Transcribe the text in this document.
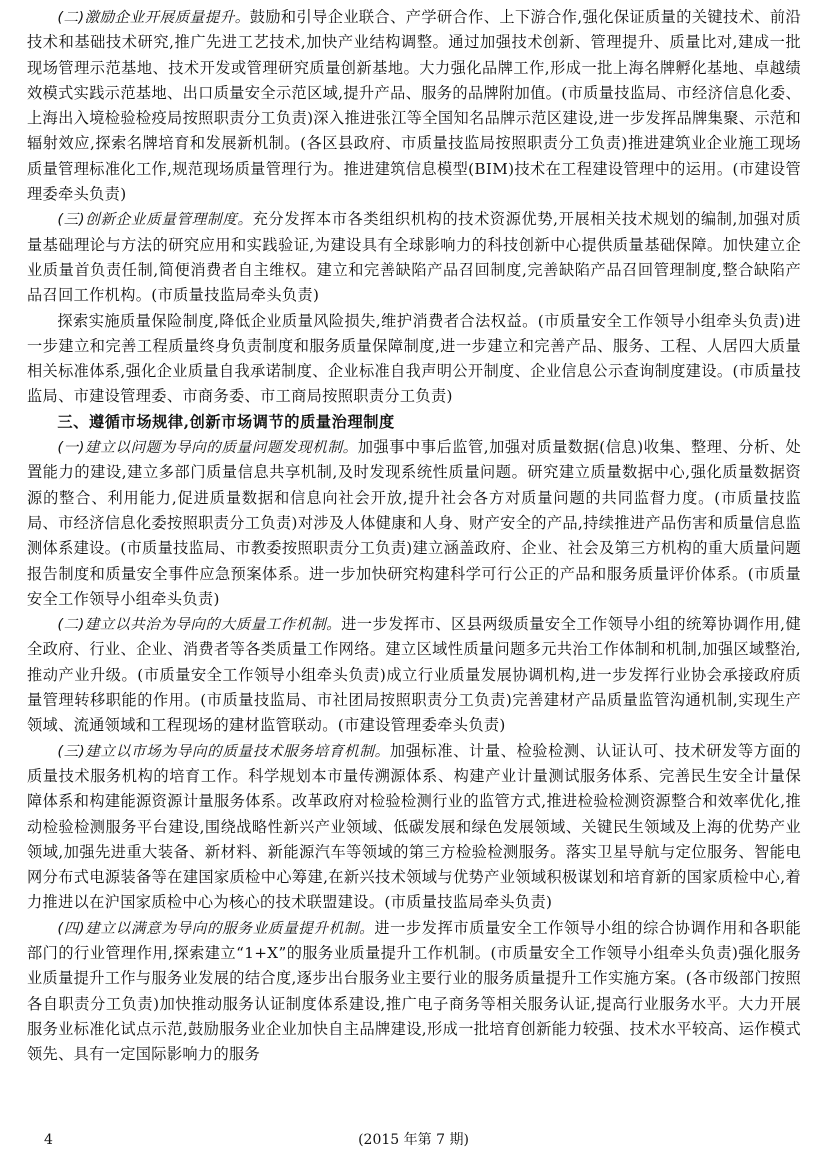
(二)激励企业开展质量提升。鼓励和引导企业联合、产学研合作、上下游合作,强化保证质量的关键技术、前沿技术和基础技术研究,推广先进工艺技术,加快产业结构调整。通过加强技术创新、管理提升、质量比对,建成一批现场管理示范基地、技术开发或管理研究质量创新基地。大力强化品牌工作,形成一批上海名牌孵化基地、卓越绩效模式实践示范基地、出口质量安全示范区域,提升产品、服务的品牌附加值。(市质量技监局、市经济信息化委、上海出入境检验检疫局按照职责分工负责)深入推进张江等全国知名品牌示范区建设,进一步发挥品牌集聚、示范和辐射效应,探索名牌培育和发展新机制。(各区县政府、市质量技监局按照职责分工负责)推进建筑业企业施工现场质量管理标准化工作,规范现场质量管理行为。推进建筑信息模型(BIM)技术在工程建设管理中的运用。(市建设管理委牵头负责)

(三)创新企业质量管理制度。充分发挥本市各类组织机构的技术资源优势,开展相关技术规划的编制,加强对质量基础理论与方法的研究应用和实践验证,为建设具有全球影响力的科技创新中心提供质量基础保障。加快建立企业质量首负责任制,简便消费者自主维权。建立和完善缺陷产品召回制度,完善缺陷产品召回管理制度,整合缺陷产品召回工作机构。(市质量技监局牵头负责)

探索实施质量保险制度,降低企业质量风险损失,维护消费者合法权益。(市质量安全工作领导小组牵头负责)进一步建立和完善工程质量终身负责制度和服务质量保障制度,进一步建立和完善产品、服务、工程、人居四大质量相关标准体系,强化企业质量自我承诺制度、企业标准自我声明公开制度、企业信息公示查询制度建设。(市质量技监局、市建设管理委、市商务委、市工商局按照职责分工负责)

三、遵循市场规律,创新市场调节的质量治理制度

(一)建立以问题为导向的质量问题发现机制。加强事中事后监管,加强对质量数据(信息)收集、整理、分析、处置能力的建设,建立多部门质量信息共享机制,及时发现系统性质量问题。研究建立质量数据中心,强化质量数据资源的整合、利用能力,促进质量数据和信息向社会开放,提升社会各方对质量问题的共同监督力度。(市质量技监局、市经济信息化委按照职责分工负责)对涉及人体健康和人身、财产安全的产品,持续推进产品伤害和质量信息监测体系建设。(市质量技监局、市教委按照职责分工负责)建立涵盖政府、企业、社会及第三方机构的重大质量问题报告制度和质量安全事件应急预案体系。进一步加快研究构建科学可行公正的产品和服务质量评价体系。(市质量安全工作领导小组牵头负责)

(二)建立以共治为导向的大质量工作机制。进一步发挥市、区县两级质量安全工作领导小组的统筹协调作用,健全政府、行业、企业、消费者等各类质量工作网络。建立区域性质量问题多元共治工作体制和机制,加强区域整治,推动产业升级。(市质量安全工作领导小组牵头负责)成立行业质量发展协调机构,进一步发挥行业协会承接政府质量管理转移职能的作用。(市质量技监局、市社团局按照职责分工负责)完善建材产品质量监管沟通机制,实现生产领域、流通领域和工程现场的建材监管联动。(市建设管理委牵头负责)

(三)建立以市场为导向的质量技术服务培育机制。加强标准、计量、检验检测、认证认可、技术研发等方面的质量技术服务机构的培育工作。科学规划本市量传溯源体系、构建产业计量测试服务体系、完善民生安全计量保障体系和构建能源资源计量服务体系。改革政府对检验检测行业的监管方式,推进检验检测资源整合和效率优化,推动检验检测服务平台建设,围绕战略性新兴产业领域、低碳发展和绿色发展领域、关键民生领域及上海的优势产业领域,加强先进重大装备、新材料、新能源汽车等领域的第三方检验检测服务。落实卫星导航与定位服务、智能电网分布式电源装备等在建国家质检中心筹建,在新兴技术领域与优势产业领域积极谋划和培育新的国家质检中心,着力推进以在沪国家质检中心为核心的技术联盟建设。(市质量技监局牵头负责)

(四)建立以满意为导向的服务业质量提升机制。进一步发挥市质量安全工作领导小组的综合协调作用和各职能部门的行业管理作用,探索建立“1+X”的服务业质量提升工作机制。(市质量安全工作领导小组牵头负责)强化服务业质量提升工作与服务业发展的结合度,逐步出台服务业主要行业的服务质量提升工作实施方案。(各市级部门按照各自职责分工负责)加快推动服务认证制度体系建设,推广电子商务等相关服务认证,提高行业服务水平。大力开展服务业标准化试点示范,鼓励服务业企业加快自主品牌建设,形成一批培育创新能力较强、技术水平较高、运作模式领先、具有一定国际影响力的服务

4	(2015 年第 7 期)
